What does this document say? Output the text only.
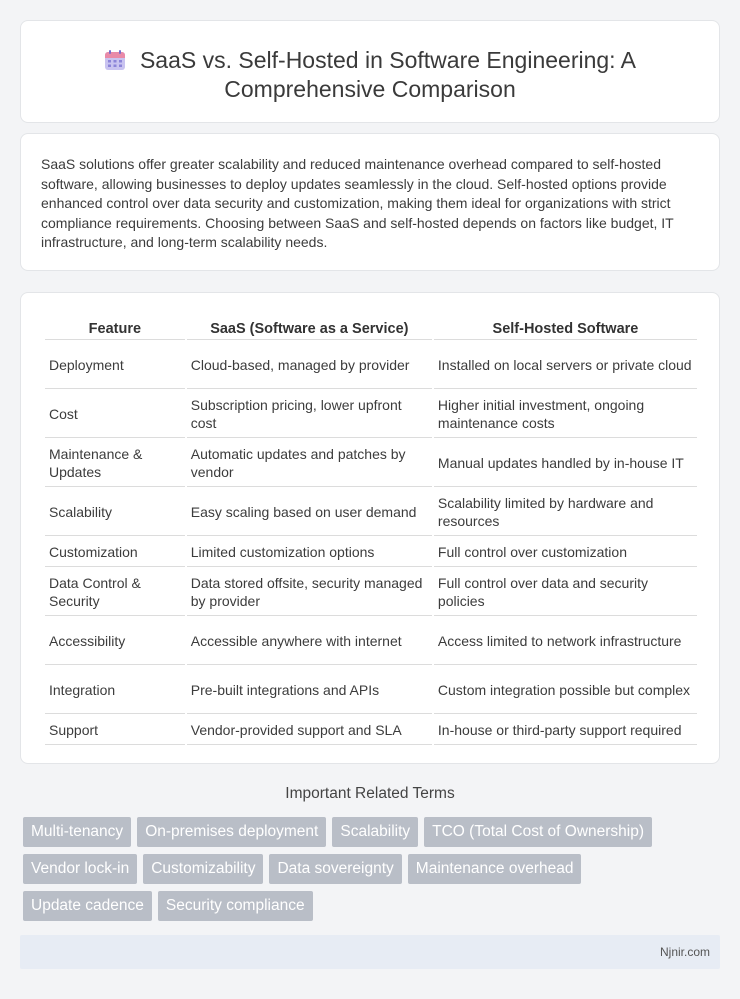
SaaS vs. Self-Hosted in Software Engineering: A Comprehensive Comparison

SaaS solutions offer greater scalability and reduced maintenance overhead compared to self-hosted software, allowing businesses to deploy updates seamlessly in the cloud. Self-hosted options provide enhanced control over data security and customization, making them ideal for organizations with strict compliance requirements. Choosing between SaaS and self-hosted depends on factors like budget, IT infrastructure, and long-term scalability needs.

Feature	SaaS (Software as a Service)	Self-Hosted Software
Deployment	Cloud-based, managed by provider	Installed on local servers or private cloud
Cost	Subscription pricing, lower upfront cost	Higher initial investment, ongoing maintenance costs
Maintenance & Updates	Automatic updates and patches by vendor	Manual updates handled by in-house IT
Scalability	Easy scaling based on user demand	Scalability limited by hardware and resources
Customization	Limited customization options	Full control over customization
Data Control & Security	Data stored offsite, security managed by provider	Full control over data and security policies
Accessibility	Accessible anywhere with internet	Access limited to network infrastructure
Integration	Pre-built integrations and APIs	Custom integration possible but complex
Support	Vendor-provided support and SLA	In-house or third-party support required
Important Related Terms
Multi-tenancy	On-premises deployment	Scalability	TCO (Total Cost of Ownership)
Vendor lock-in	Customizability	Data sovereignty	Maintenance overhead
Update cadence	Security compliance
Njnir.com
